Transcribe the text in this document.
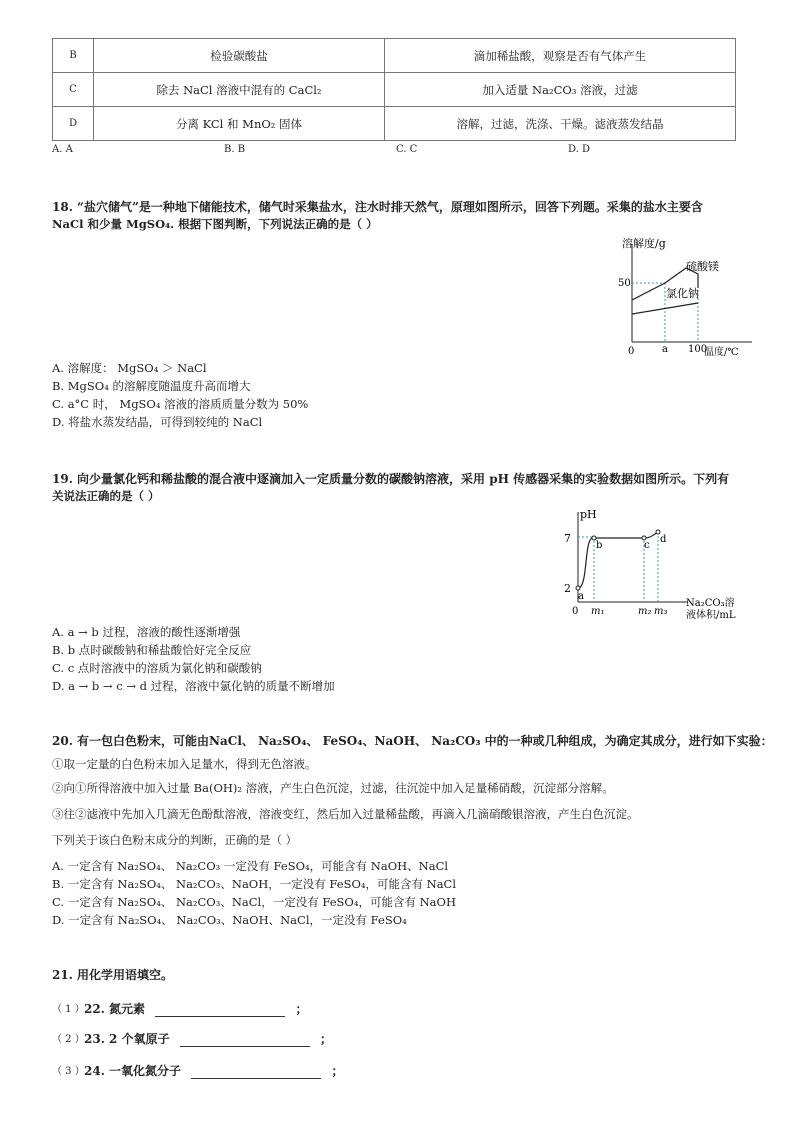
B	检验碳酸盐	滴加稀盐酸，观察是否有气体产生
C	除去 NaCl 溶液中混有的 CaCl₂	加入适量 Na₂CO₃ 溶液，过滤
D	分离 KCl 和 MnO₂ 固体	溶解，过滤，洗涤、干燥。滤液蒸发结晶
A. A	B. B	C. C	D. D
18. “盐穴储气”是一种地下储能技术，储气时采集盐水，注水时排天然气，原理如图所示，回答下列题。采集的盐水主要含
NaCl 和少量 MgSO₄. 根据下图判断，下列说法正确的是（ ）
溶解度/g
50
0	a 100
温度/℃
硫酸镁
氯化钠
A. 溶解度： MgSO₄ ＞ NaCl
B. MgSO₄ 的溶解度随温度升高而增大
C. a°C 时， MgSO₄ 溶液的溶质质量分数为 50%
D. 将盐水蒸发结晶，可得到较纯的 NaCl
19. 向少量氯化钙和稀盐酸的混合液中逐滴加入一定质量分数的碳酸钠溶液，采用 pH 传感器采集的实验数据如图所示。下列有
关说法正确的是（ ）
pH
7
2
0 m₁	m₂ m₃
Na₂CO₃溶
液体积/mL
a
b	c
d
A. a → b 过程，溶液的酸性逐渐增强
B. b 点时碳酸钠和稀盐酸恰好完全反应
C. c 点时溶液中的溶质为氯化钠和碳酸钠
D. a → b → c → d 过程，溶液中氯化钠的质量不断增加
20. 有一包白色粉末，可能由NaCl、 Na₂SO₄、 FeSO₄、NaOH、 Na₂CO₃ 中的一种或几种组成，为确定其成分，进行如下实验：
①取一定量的白色粉末加入足量水，得到无色溶液。
②向①所得溶液中加入过量 Ba(OH)₂ 溶液，产生白色沉淀，过滤，往沉淀中加入足量稀硝酸，沉淀部分溶解。
③往②滤液中先加入几滴无色酚酞溶液，溶液变红，然后加入过量稀盐酸，再滴入几滴硝酸银溶液，产生白色沉淀。
下列关于该白色粉末成分的判断，正确的是（ ）
A. 一定含有 Na₂SO₄、 Na₂CO₃ 一定没有 FeSO₄，可能含有 NaOH、NaCl
B. 一定含有 Na₂SO₄、 Na₂CO₃、NaOH，一定没有 FeSO₄，可能含有 NaCl
C. 一定含有 Na₂SO₄、 Na₂CO₃、NaCl，一定没有 FeSO₄，可能含有 NaOH
D. 一定含有 Na₂SO₄、 Na₂CO₃、NaOH、NaCl，一定没有 FeSO₄
21. 用化学用语填空。
（ 1 ） 22. 氮元素	；
（ 2 ） 23. 2 个氧原子	；
（ 3 ） 24. 一氧化氮分子	；
